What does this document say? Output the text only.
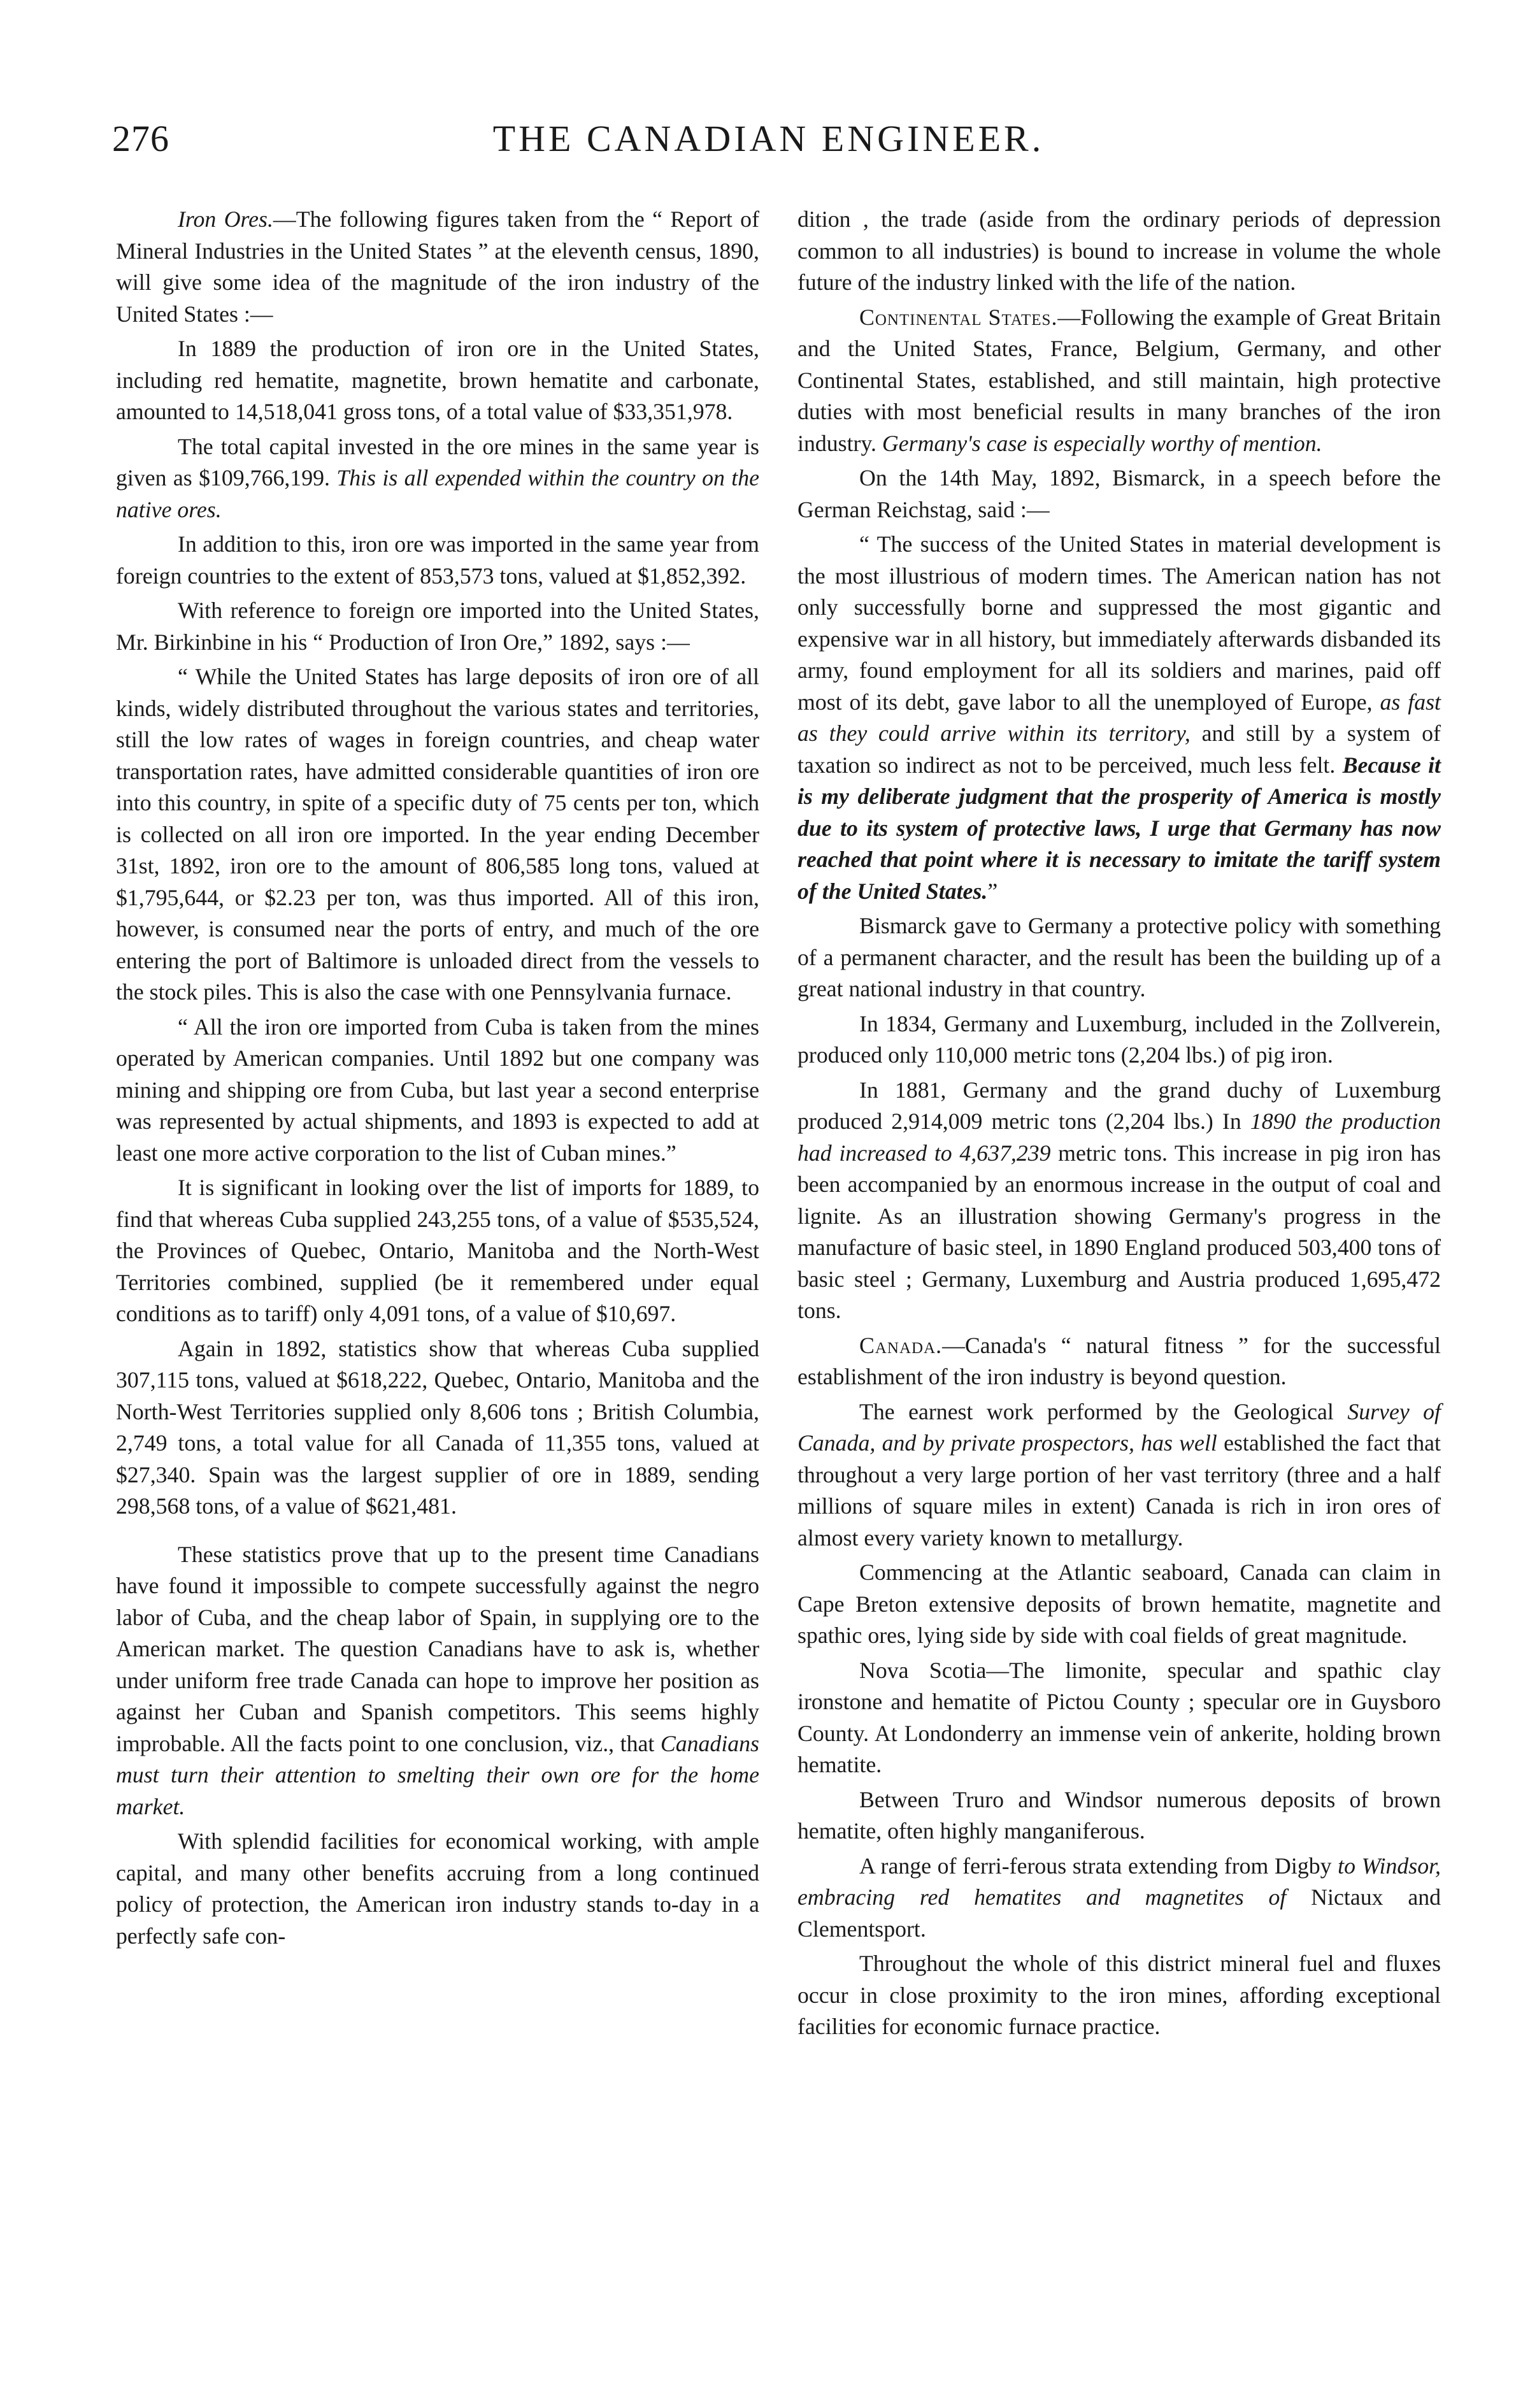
276	THE CANADIAN ENGINEER.

Iron Ores.—The following figures taken from the “ Report of Mineral Industries in the United States ” at the eleventh census, 1890, will give some idea of the magnitude of the iron industry of the United States :—

In 1889 the production of iron ore in the United States, including red hematite, magnetite, brown hematite and carbonate, amounted to 14,518,041 gross tons, of a total value of $33,351,978.

The total capital invested in the ore mines in the same year is given as $109,766,199. This is all expended within the country on the native ores.

In addition to this, iron ore was imported in the same year from foreign countries to the extent of 853,573 tons, valued at $1,852,392.

With reference to foreign ore imported into the United States, Mr. Birkinbine in his “ Production of Iron Ore,” 1892, says :—

“ While the United States has large deposits of iron ore of all kinds, widely distributed throughout the various states and territories, still the low rates of wages in foreign countries, and cheap water transportation rates, have admitted considerable quantities of iron ore into this country, in spite of a specific duty of 75 cents per ton, which is collected on all iron ore imported. In the year ending December 31st, 1892, iron ore to the amount of 806,585 long tons, valued at $1,795,644, or $2.23 per ton, was thus imported. All of this iron, however, is consumed near the ports of entry, and much of the ore entering the port of Baltimore is unloaded direct from the vessels to the stock piles. This is also the case with one Pennsylvania furnace.

“ All the iron ore imported from Cuba is taken from the mines operated by American companies. Until 1892 but one company was mining and shipping ore from Cuba, but last year a second enterprise was represented by actual shipments, and 1893 is expected to add at least one more active corporation to the list of Cuban mines.”

It is significant in looking over the list of imports for 1889, to find that whereas Cuba supplied 243,255 tons, of a value of $535,524, the Provinces of Quebec, Ontario, Manitoba and the North-West Territories combined, supplied (be it remembered under equal conditions as to tariff) only 4,091 tons, of a value of $10,697.

Again in 1892, statistics show that whereas Cuba supplied 307,115 tons, valued at $618,222, Quebec, Ontario, Manitoba and the North-West Territories supplied only 8,606 tons ; British Columbia, 2,749 tons, a total value for all Canada of 11,355 tons, valued at $27,340. Spain was the largest supplier of ore in 1889, sending 298,568 tons, of a value of $621,481.

These statistics prove that up to the present time Canadians have found it impossible to compete successfully against the negro labor of Cuba, and the cheap labor of Spain, in supplying ore to the American market. The question Canadians have to ask is, whether under uniform free trade Canada can hope to improve her position as against her Cuban and Spanish competitors. This seems highly improbable. All the facts point to one conclusion, viz., that Canadians must turn their attention to smelting their own ore for the home market.

With splendid facilities for economical working, with ample capital, and many other benefits accruing from a long continued policy of protection, the American iron industry stands to-day in a perfectly safe con-

dition , the trade (aside from the ordinary periods of depression common to all industries) is bound to increase in volume the whole future of the industry linked with the life of the nation.

Continental States.—Following the example of Great Britain and the United States, France, Belgium, Germany, and other Continental States, established, and still maintain, high protective duties with most beneficial results in many branches of the iron industry. Germany's case is especially worthy of mention.

On the 14th May, 1892, Bismarck, in a speech before the German Reichstag, said :—

“ The success of the United States in material development is the most illustrious of modern times. The American nation has not only successfully borne and suppressed the most gigantic and expensive war in all history, but immediately afterwards disbanded its army, found employment for all its soldiers and marines, paid off most of its debt, gave labor to all the unemployed of Europe, as fast as they could arrive within its territory, and still by a system of taxation so indirect as not to be perceived, much less felt. Because it is my deliberate judgment that the prosperity of America is mostly due to its system of protective laws, I urge that Germany has now reached that point where it is necessary to imitate the tariff system of the United States.”

Bismarck gave to Germany a protective policy with something of a permanent character, and the result has been the building up of a great national industry in that country.

In 1834, Germany and Luxemburg, included in the Zollverein, produced only 110,000 metric tons (2,204 lbs.) of pig iron.

In 1881, Germany and the grand duchy of Luxemburg produced 2,914,009 metric tons (2,204 lbs.) In 1890 the production had increased to 4,637,239 metric tons. This increase in pig iron has been accompanied by an enormous increase in the output of coal and lignite. As an illustration showing Germany's progress in the manufacture of basic steel, in 1890 England produced 503,400 tons of basic steel ; Germany, Luxemburg and Austria produced 1,695,472 tons.

Canada.—Canada's “ natural fitness ” for the successful establishment of the iron industry is beyond question.

The earnest work performed by the Geological Survey of Canada, and by private prospectors, has well established the fact that throughout a very large portion of her vast territory (three and a half millions of square miles in extent) Canada is rich in iron ores of almost every variety known to metallurgy.

Commencing at the Atlantic seaboard, Canada can claim in Cape Breton extensive deposits of brown hematite, magnetite and spathic ores, lying side by side with coal fields of great magnitude.

Nova Scotia—The limonite, specular and spathic clay ironstone and hematite of Pictou County ; specular ore in Guysboro County. At Londonderry an immense vein of ankerite, holding brown hematite.

Between Truro and Windsor numerous deposits of brown hematite, often highly manganiferous.

A range of ferri-ferous strata extending from Digby to Windsor, embracing red hematites and magnetites of Nictaux and Clementsport.

Throughout the whole of this district mineral fuel and fluxes occur in close proximity to the iron mines, affording exceptional facilities for economic furnace practice.
